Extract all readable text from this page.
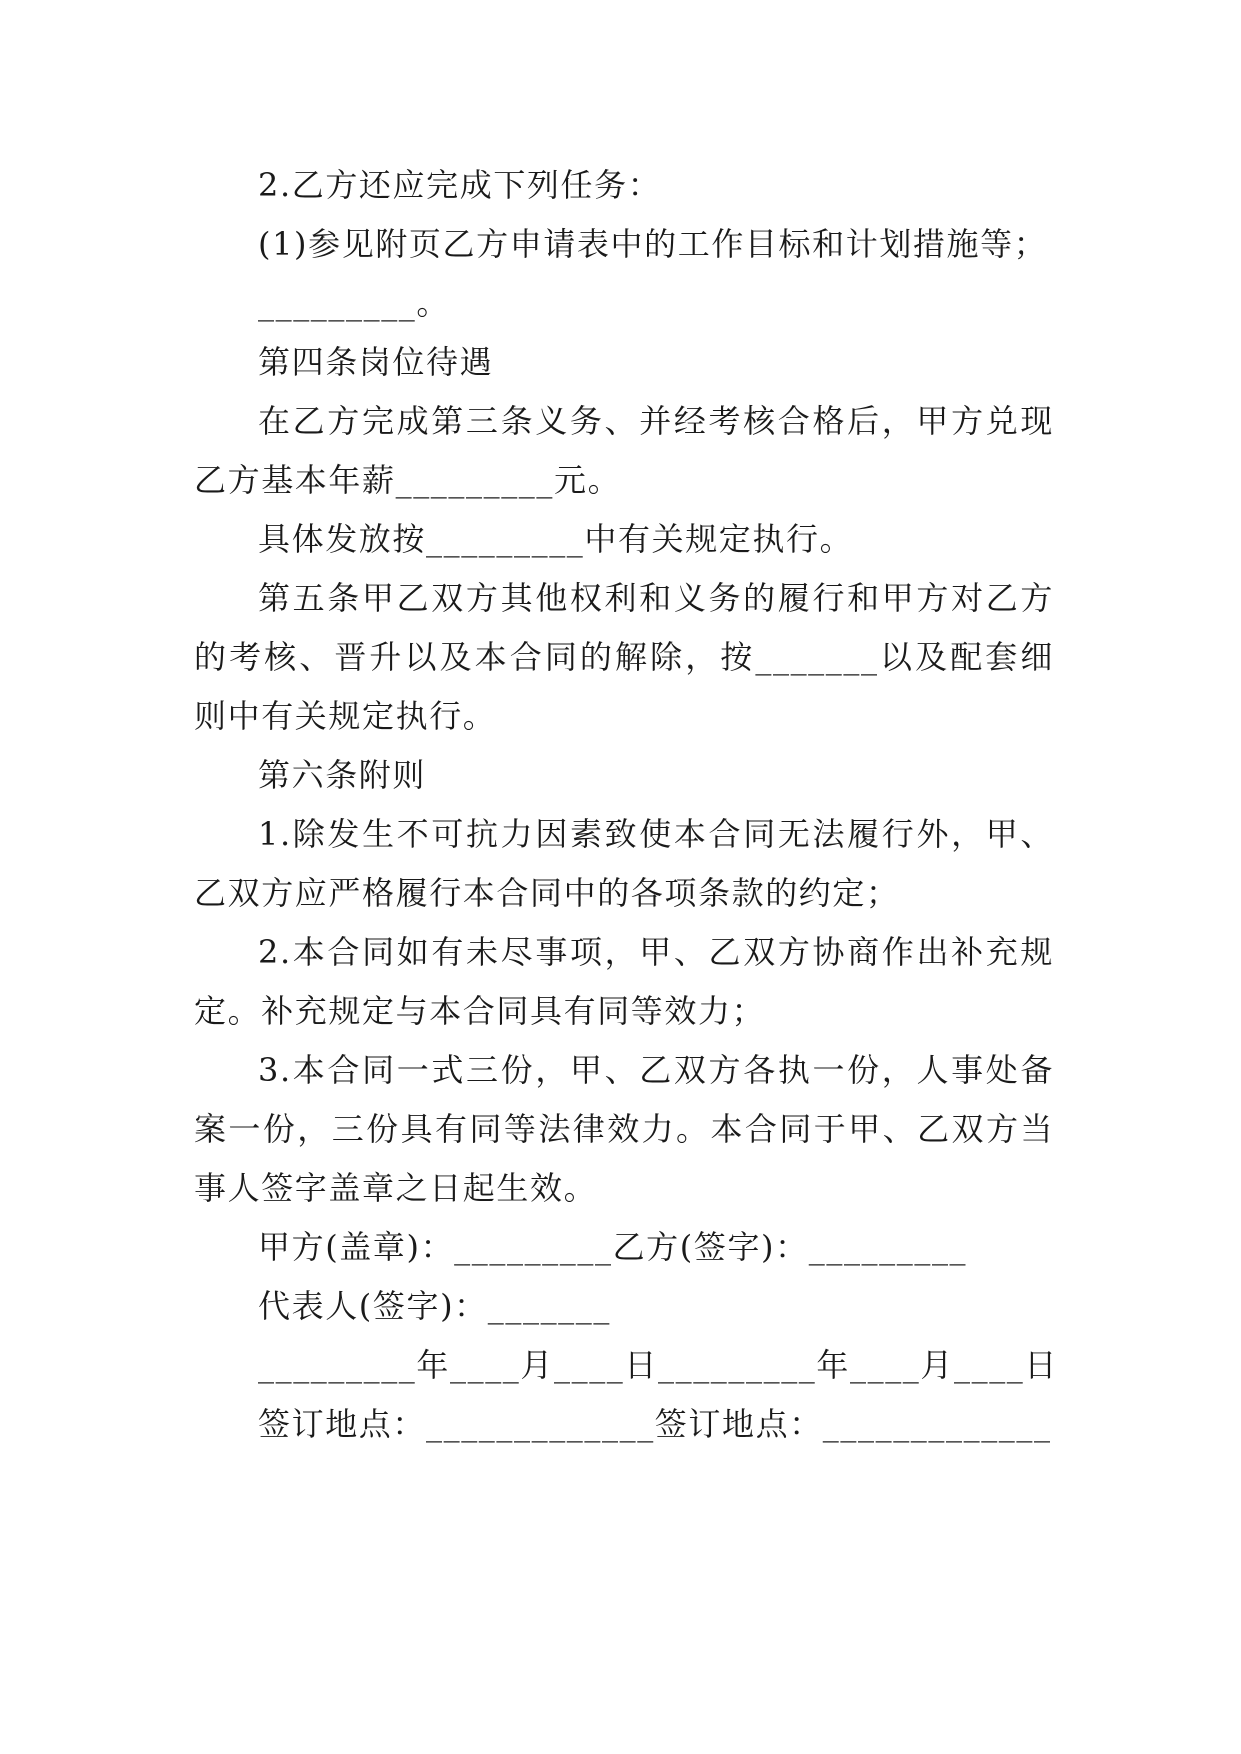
2.乙方还应完成下列任务：

(1)参见附页乙方申请表中的工作目标和计划措施等；

_________。

第四条岗位待遇

在乙方完成第三条义务、并经考核合格后，甲方兑现乙方基本年薪_________元。

具体发放按_________中有关规定执行。

第五条甲乙双方其他权利和义务的履行和甲方对乙方的考核、晋升以及本合同的解除，按_______以及配套细则中有关规定执行。

第六条附则

1.除发生不可抗力因素致使本合同无法履行外，甲、乙双方应严格履行本合同中的各项条款的约定；

2.本合同如有未尽事项，甲、乙双方协商作出补充规定。补充规定与本合同具有同等效力；

3.本合同一式三份，甲、乙双方各执一份，人事处备案一份，三份具有同等法律效力。本合同于甲、乙双方当事人签字盖章之日起生效。

甲方(盖章)：_________乙方(签字)：_________

代表人(签字)：_______

_________年____月____日_________年____月____日

签订地点：_____________签订地点：_____________
